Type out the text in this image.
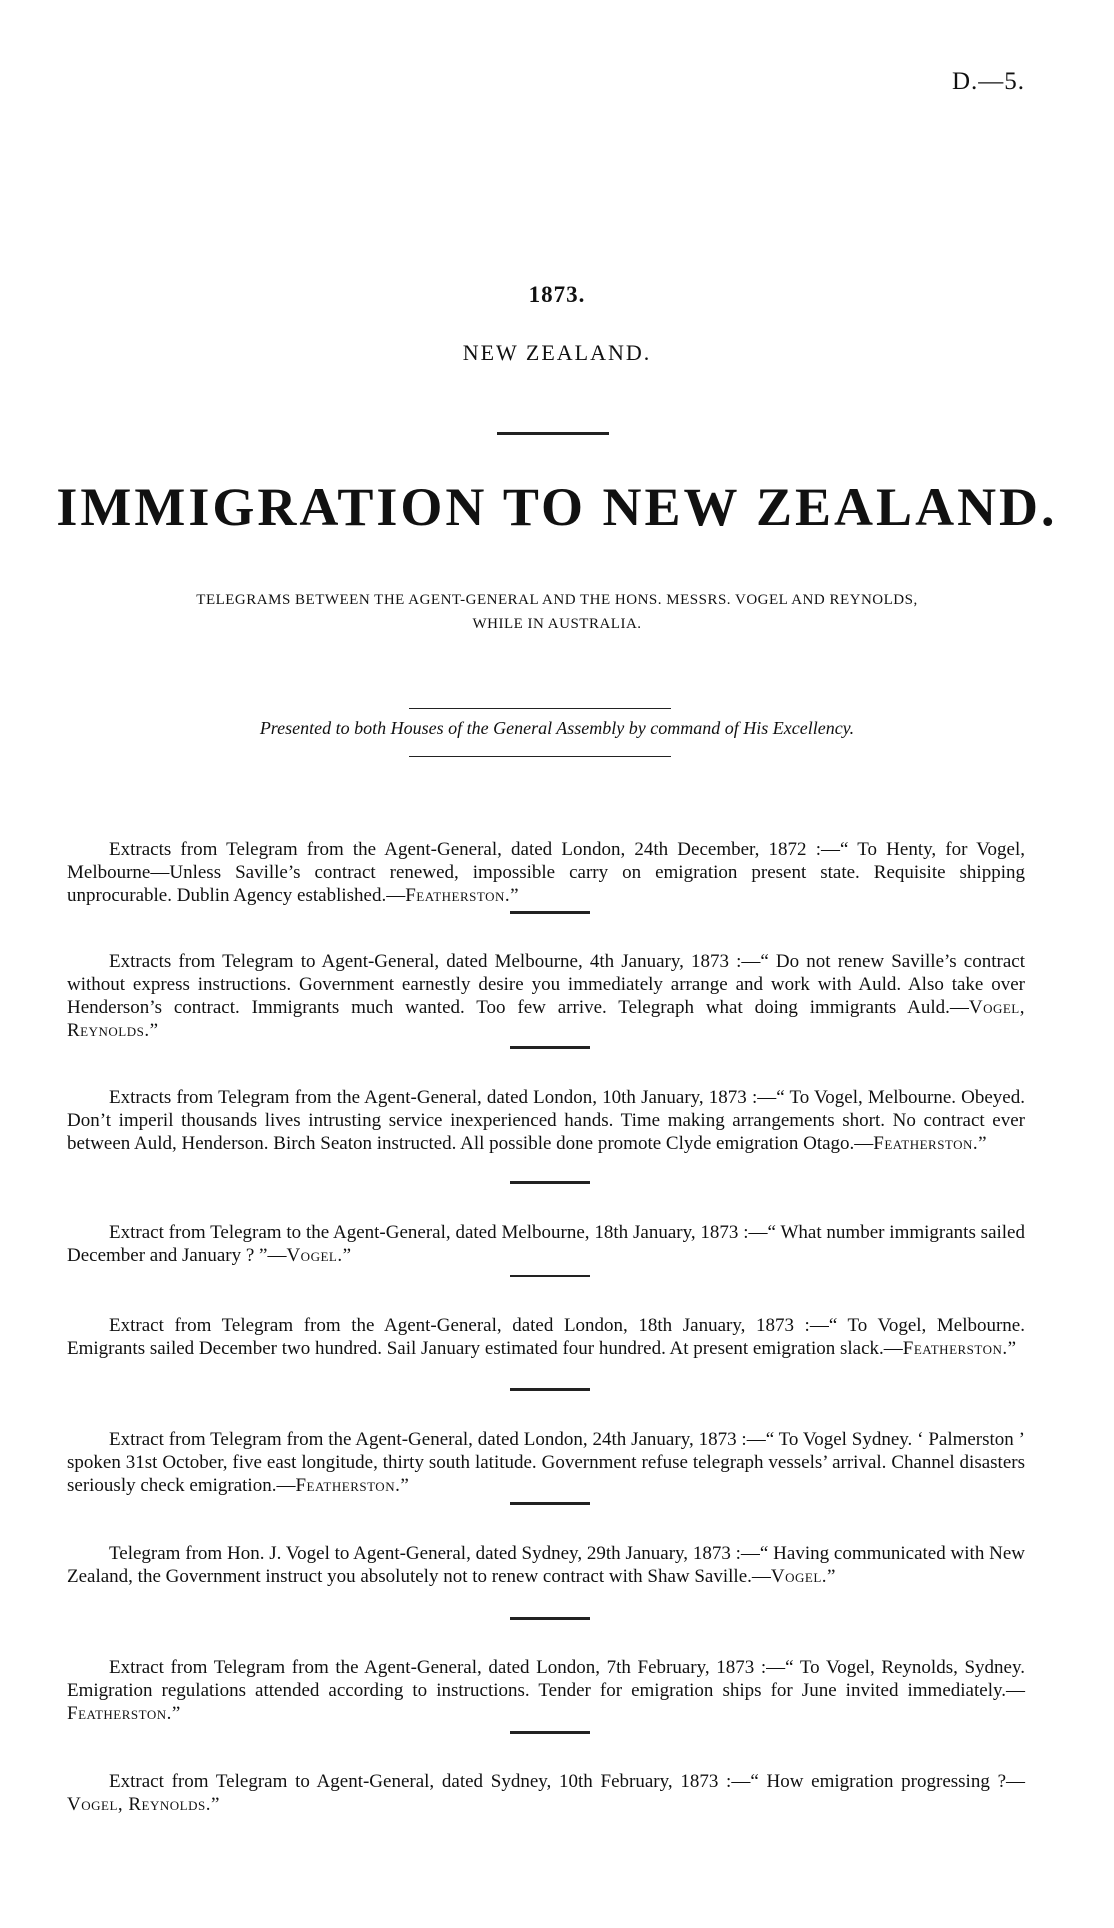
D.—5.
1873.
NEW ZEALAND.
IMMIGRATION TO NEW ZEALAND.
TELEGRAMS BETWEEN THE AGENT-GENERAL AND THE HONS. MESSRS. VOGEL AND REYNOLDS,
WHILE IN AUSTRALIA.
Presented to both Houses of the General Assembly by command of His Excellency.
Extracts from Telegram from the Agent-General, dated London, 24th December, 1872 :—“ To Henty, for Vogel, Melbourne—Unless Saville’s contract renewed, impossible carry on emigration present state. Requisite shipping unprocurable. Dublin Agency established.—Featherston.”
Extracts from Telegram to Agent-General, dated Melbourne, 4th January, 1873 :—“ Do not renew Saville’s contract without express instructions. Government earnestly desire you immediately arrange and work with Auld. Also take over Henderson’s contract. Immigrants much wanted. Too few arrive. Telegraph what doing immigrants Auld.—Vogel, Reynolds.”
Extracts from Telegram from the Agent-General, dated London, 10th January, 1873 :—“ To Vogel, Melbourne. Obeyed. Don’t imperil thousands lives intrusting service inexperienced hands. Time making arrangements short. No contract ever between Auld, Henderson. Birch Seaton instructed. All possible done promote Clyde emigration Otago.—Featherston.”
Extract from Telegram to the Agent-General, dated Melbourne, 18th January, 1873 :—“ What number immigrants sailed December and January ? ”—Vogel.”
Extract from Telegram from the Agent-General, dated London, 18th January, 1873 :—“ To Vogel, Melbourne. Emigrants sailed December two hundred. Sail January estimated four hundred. At present emigration slack.—Featherston.”
Extract from Telegram from the Agent-General, dated London, 24th January, 1873 :—“ To Vogel Sydney. ‘ Palmerston ’ spoken 31st October, five east longitude, thirty south latitude. Government refuse telegraph vessels’ arrival. Channel disasters seriously check emigration.—Featherston.”
Telegram from Hon. J. Vogel to Agent-General, dated Sydney, 29th January, 1873 :—“ Having communicated with New Zealand, the Government instruct you absolutely not to renew contract with Shaw Saville.—Vogel.”
Extract from Telegram from the Agent-General, dated London, 7th February, 1873 :—“ To Vogel, Reynolds, Sydney. Emigration regulations attended according to instructions. Tender for emigration ships for June invited immediately.—Featherston.”
Extract from Telegram to Agent-General, dated Sydney, 10th February, 1873 :—“ How emigration progressing ?—Vogel, Reynolds.”
